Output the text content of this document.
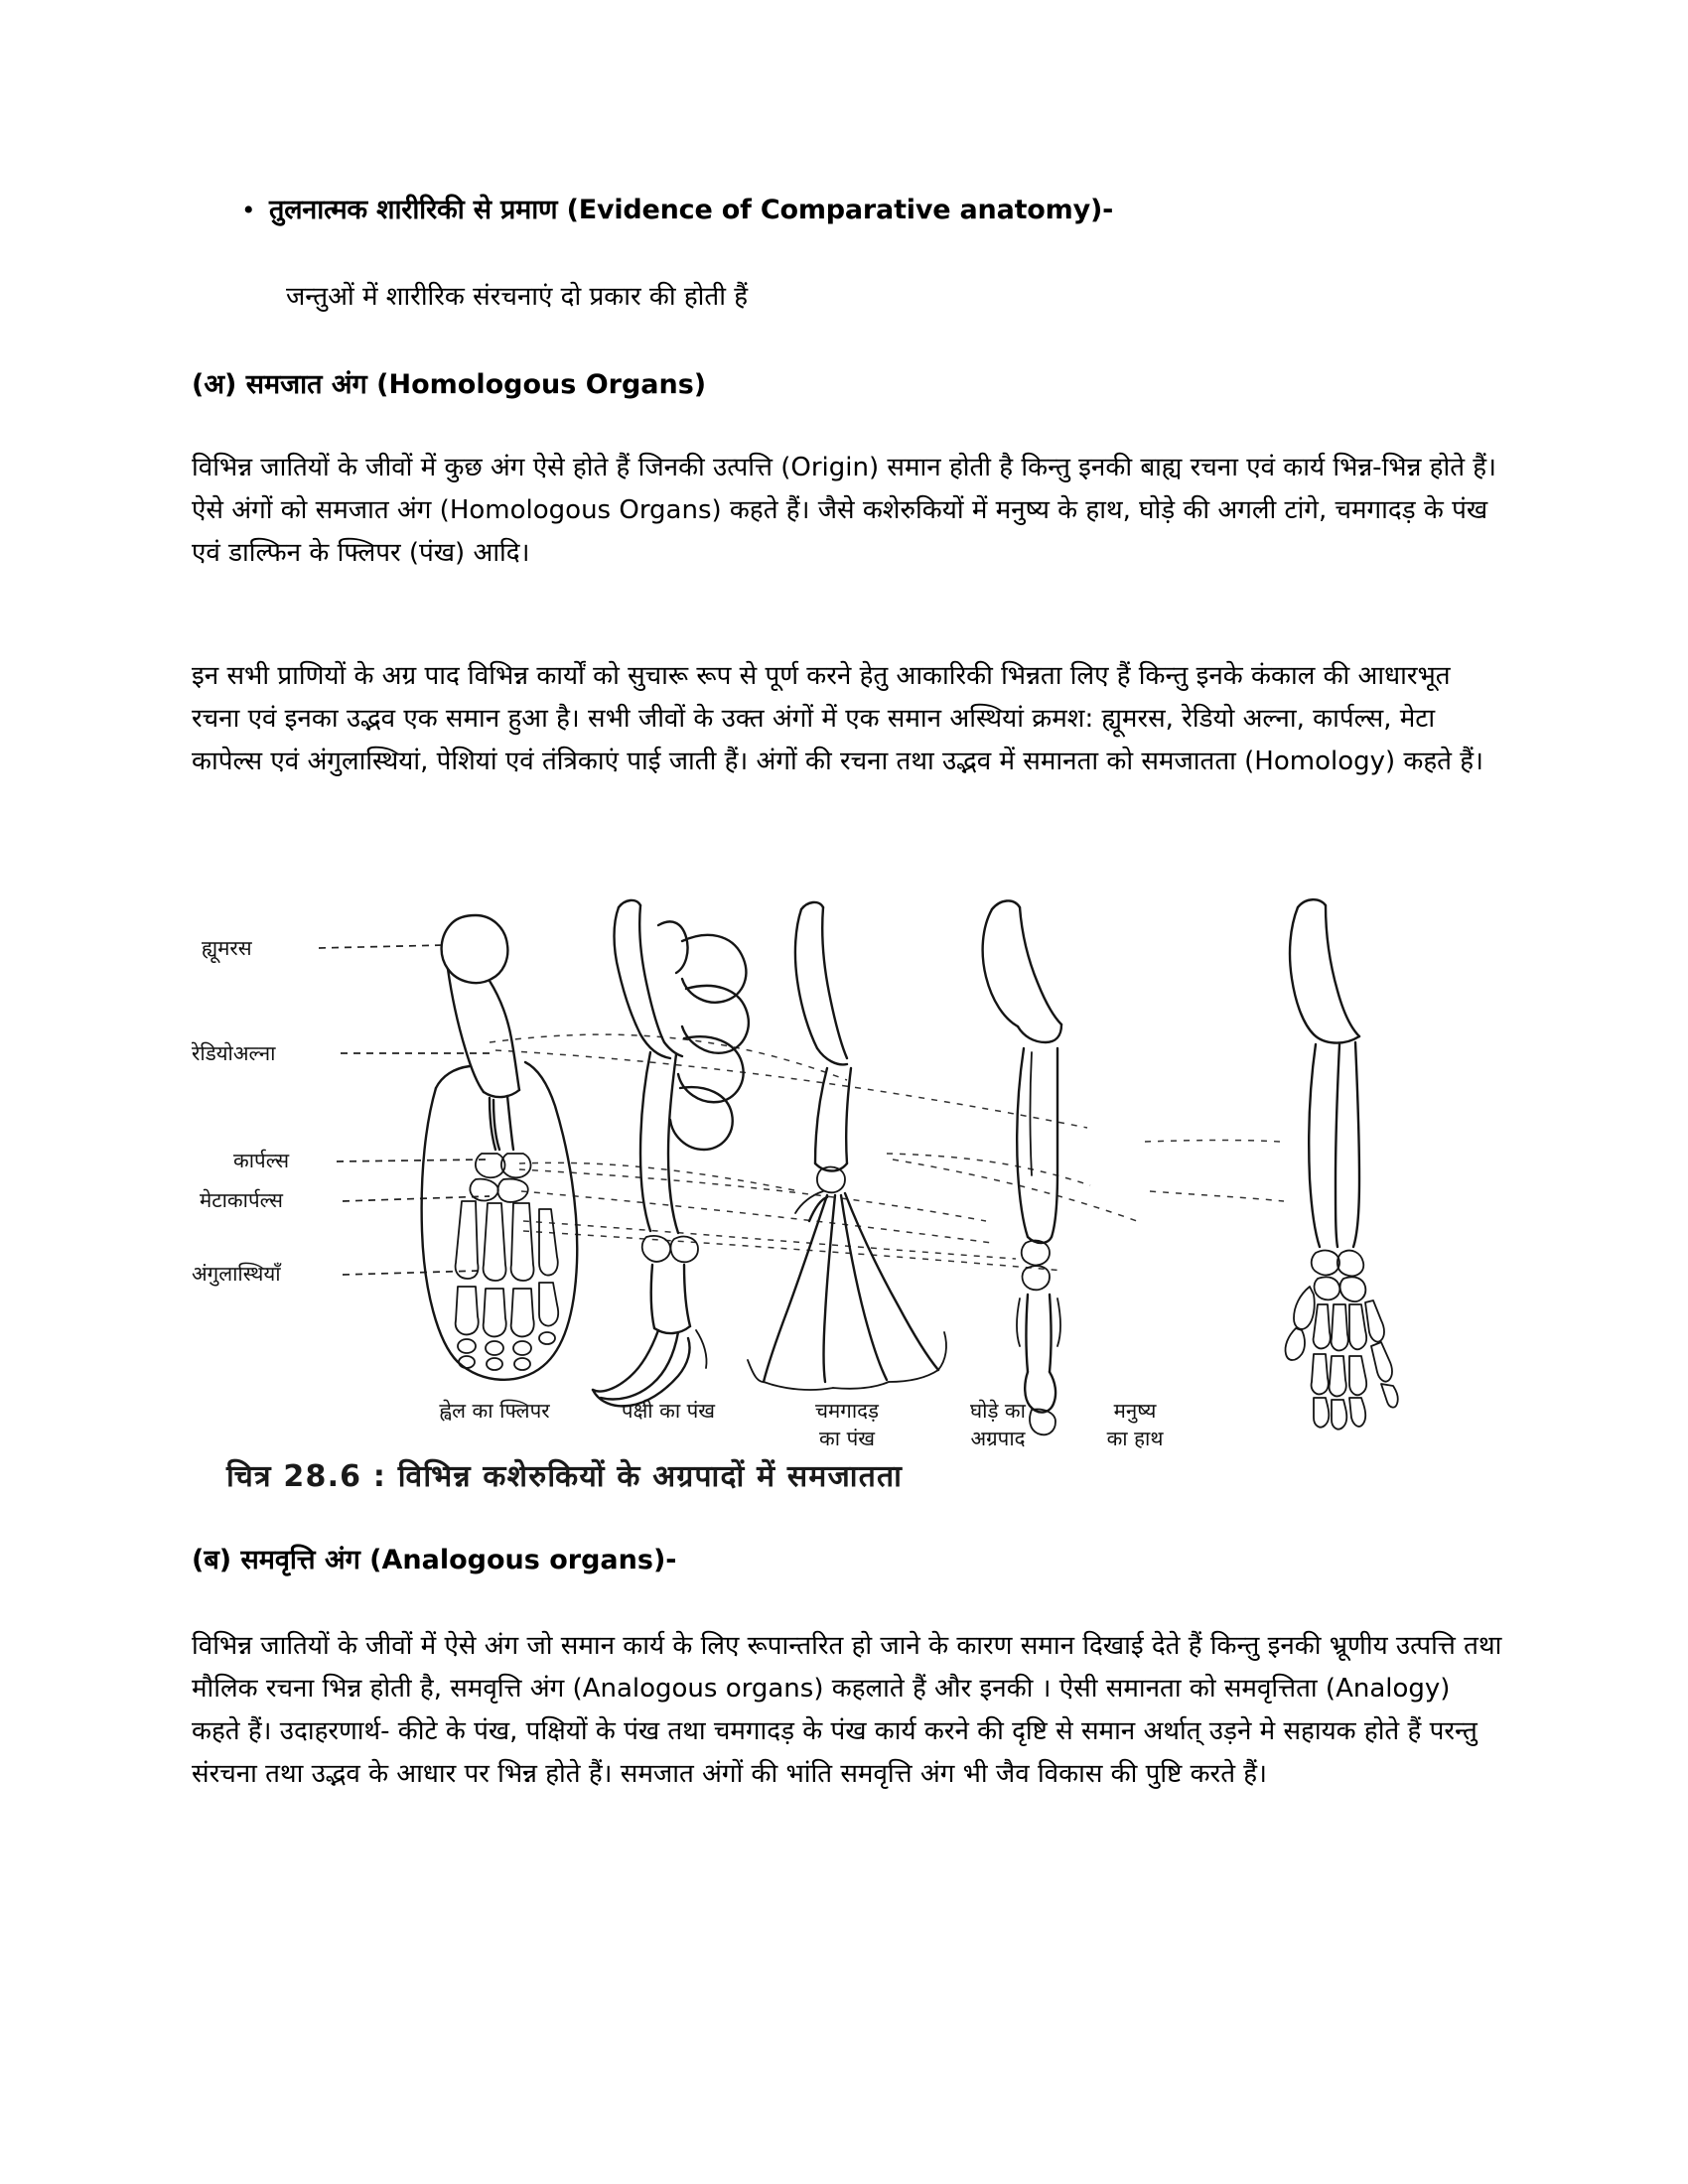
• तुलनात्मक शारीरिकी से प्रमाण (Evidence of Comparative anatomy)-
जन्तुओं में शारीरिक संरचनाएं दो प्रकार की होती हैं
(अ) समजात अंग (Homologous Organs)

विभिन्न जातियों के जीवों में कुछ अंग ऐसे होते हैं जिनकी उत्पत्ति (Origin) समान होती है किन्तु इनकी बाह्य रचना एवं कार्य भिन्न-भिन्न होते हैं। ऐसे अंगों को समजात अंग (Homologous Organs) कहते हैं। जैसे कशेरुकियों में मनुष्य के हाथ, घोड़े की अगली टांगे, चमगादड़ के पंख एवं डाल्फिन के फ्लिपर (पंख) आदि।

इन सभी प्राणियों के अग्र पाद विभिन्न कार्यों को सुचारू रूप से पूर्ण करने हेतु आकारिकी भिन्नता लिए हैं किन्तु इनके कंकाल की आधारभूत रचना एवं इनका उद्भव एक समान हुआ है। सभी जीवों के उक्त अंगों में एक समान अस्थियां क्रमश: ह्यूमरस, रेडियो अल्ना, कार्पल्स, मेटा कापेल्स एवं अंगुलास्थियां, पेशियां एवं तंत्रिकाएं पाई जाती हैं। अंगों की रचना तथा उद्भव में समानता को समजातता (Homology) कहते हैं।

ह्यूमरस
रेडियोअल्ना
कार्पल्स
मेटाकार्पल्स
अंगुलास्थियाँ
ह्वेल का फ्लिपर	पक्षी का पंख	चमगादड़
का पंख
घोड़े का
अग्रपाद
मनुष्य
का हाथ
चित्र 28.6 : विभिन्न कशेरुकियों के अग्रपादों में समजातता
(ब) समवृत्ति अंग (Analogous organs)-

विभिन्न जातियों के जीवों में ऐसे अंग जो समान कार्य के लिए रूपान्तरित हो जाने के कारण समान दिखाई देते हैं किन्तु इनकी भ्रूणीय उत्पत्ति तथा मौलिक रचना भिन्न होती है, समवृत्ति अंग (Analogous organs) कहलाते हैं और इनकी । ऐसी समानता को समवृत्तिता (Analogy) कहते हैं। उदाहरणार्थ- कीटे के पंख, पक्षियों के पंख तथा चमगादड़ के पंख कार्य करने की दृष्टि से समान अर्थात् उड़ने मे सहायक होते हैं परन्तु संरचना तथा उद्भव के आधार पर भिन्न होते हैं। समजात अंगों की भांति समवृत्ति अंग भी जैव विकास की पुष्टि करते हैं।
